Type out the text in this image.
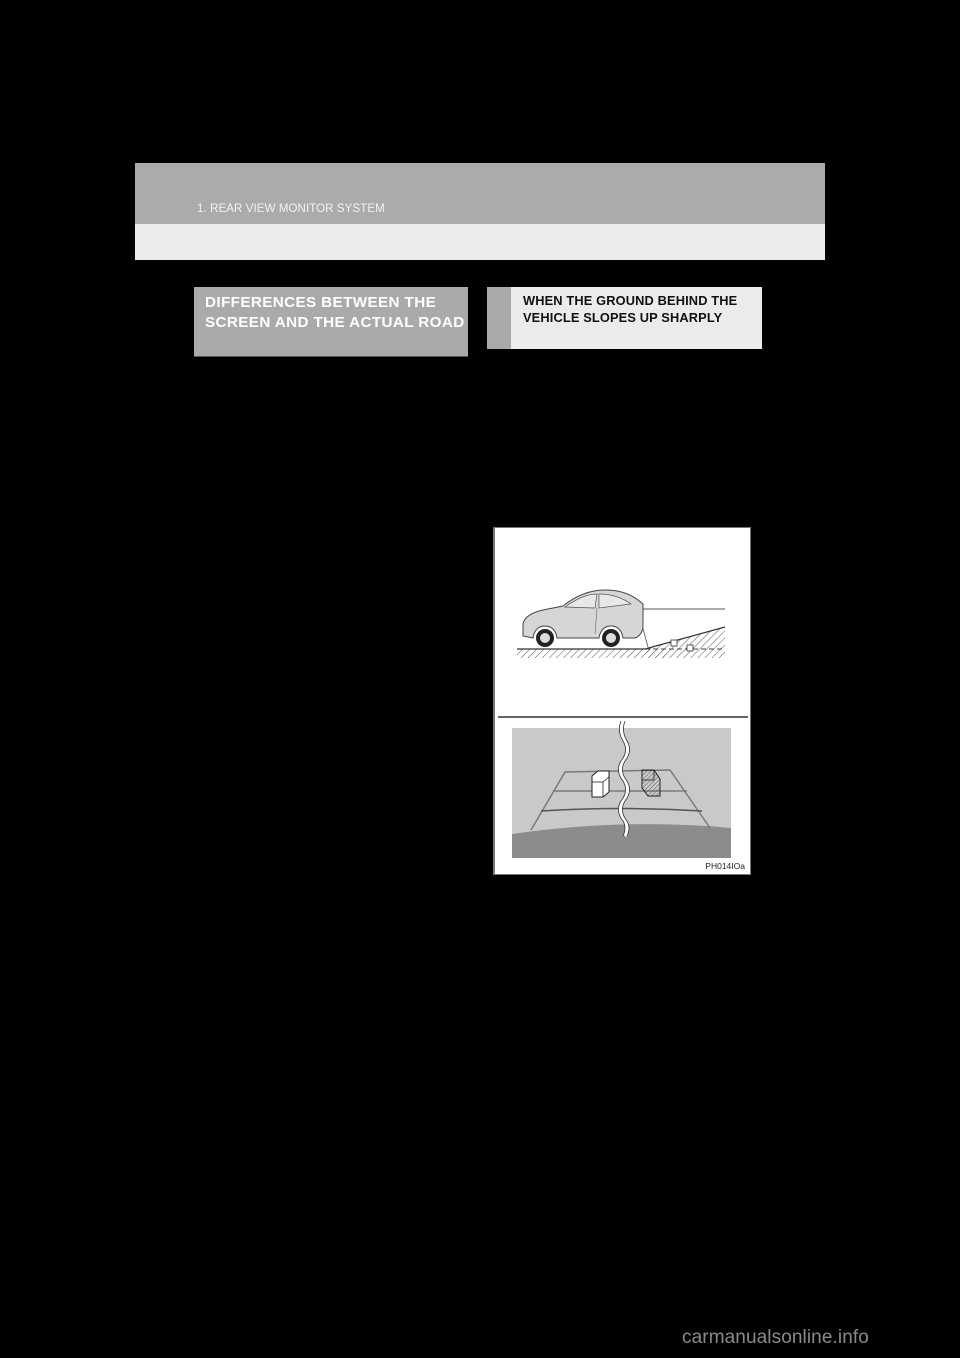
1. REAR VIEW MONITOR SYSTEM
DIFFERENCES BETWEEN THE SCREEN AND THE ACTUAL ROAD
WHEN THE GROUND BEHIND THE VEHICLE SLOPES UP SHARPLY
PH014IOa
carmanualsonline.info
